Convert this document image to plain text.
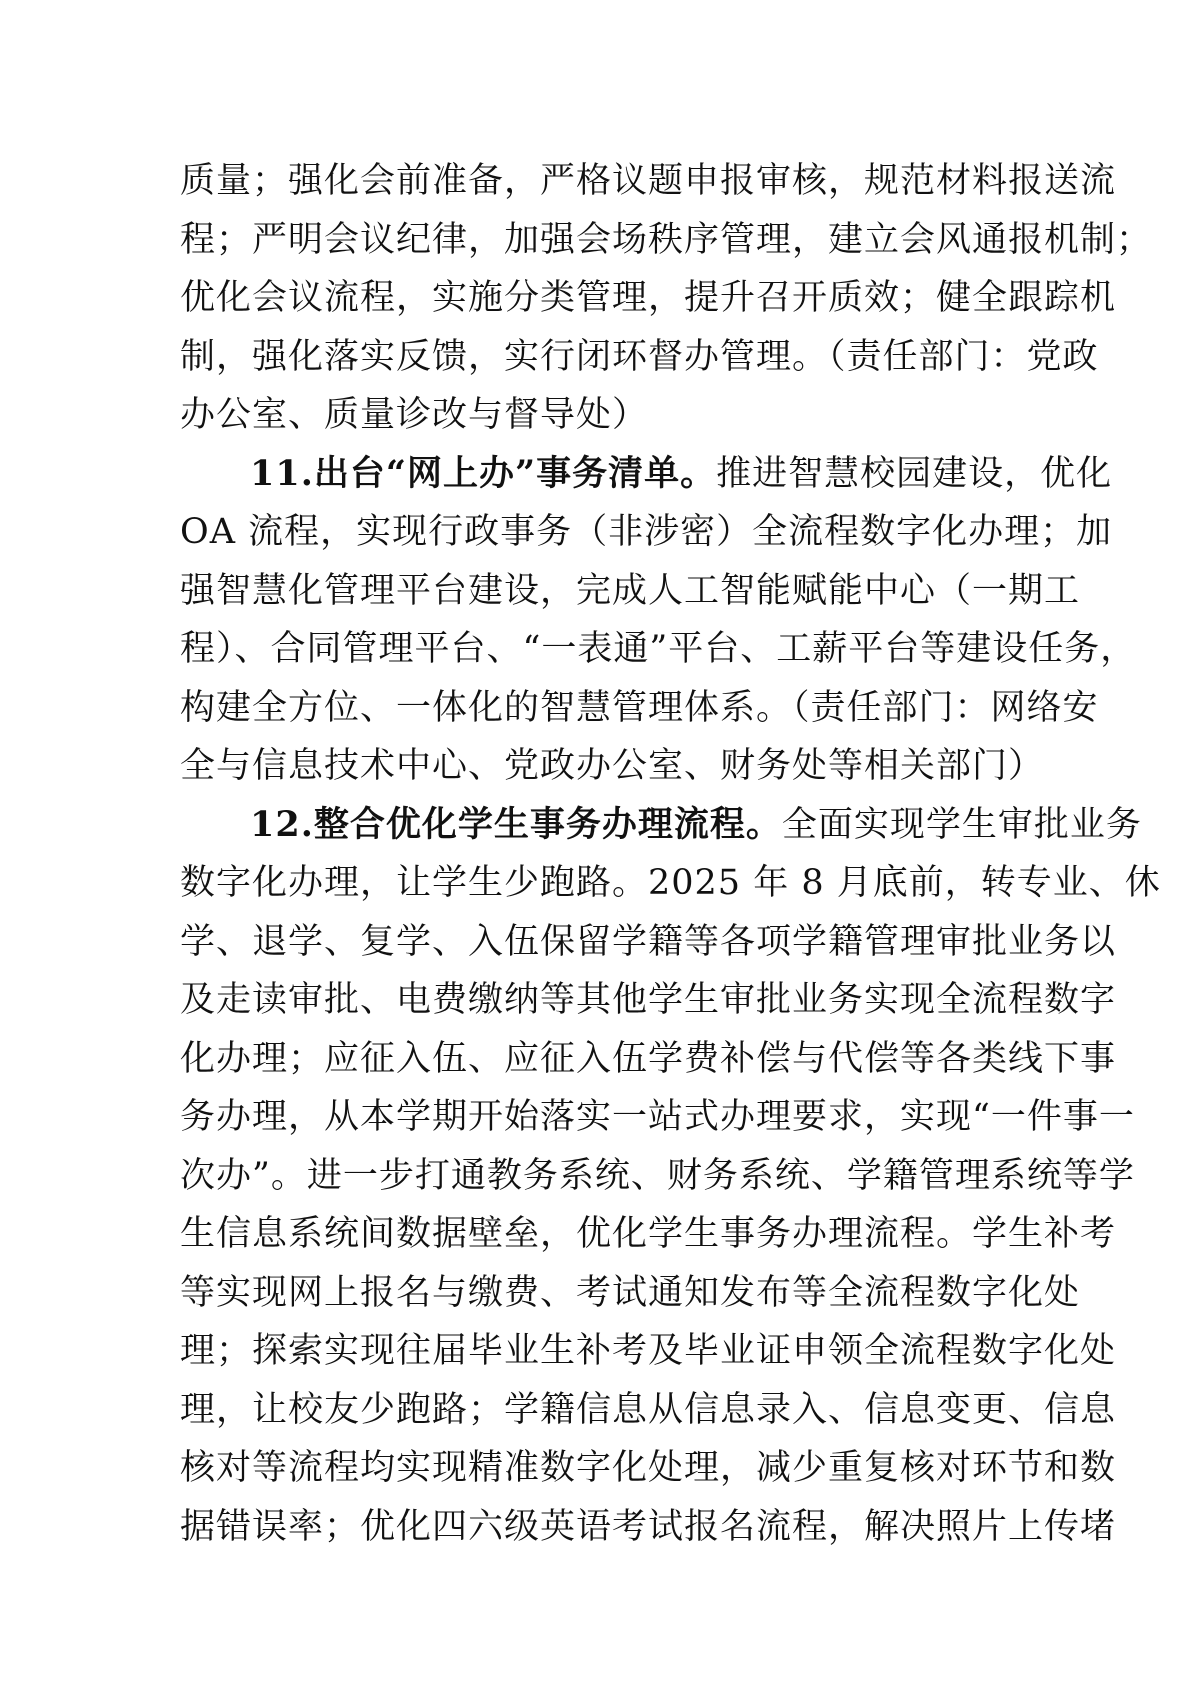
质量；强化会前准备，严格议题申报审核，规范材料报送流
程；严明会议纪律，加强会场秩序管理，建立会风通报机制；
优化会议流程，实施分类管理，提升召开质效；健全跟踪机
制，强化落实反馈，实行闭环督办管理。（责任部门：党政
办公室、质量诊改与督导处）
11.出台“网上办”事务清单。推进智慧校园建设，优化
OA 流程，实现行政事务（非涉密）全流程数字化办理；加
强智慧化管理平台建设，完成人工智能赋能中心（一期工
程）、合同管理平台、“一表通”平台、工薪平台等建设任务，
构建全方位、一体化的智慧管理体系。（责任部门：网络安
全与信息技术中心、党政办公室、财务处等相关部门）
12.整合优化学生事务办理流程。全面实现学生审批业务
数字化办理，让学生少跑路。2025 年 8 月底前，转专业、休
学、退学、复学、入伍保留学籍等各项学籍管理审批业务以
及走读审批、电费缴纳等其他学生审批业务实现全流程数字
化办理；应征入伍、应征入伍学费补偿与代偿等各类线下事
务办理，从本学期开始落实一站式办理要求，实现“一件事一
次办”。进一步打通教务系统、财务系统、学籍管理系统等学
生信息系统间数据壁垒，优化学生事务办理流程。学生补考
等实现网上报名与缴费、考试通知发布等全流程数字化处
理；探索实现往届毕业生补考及毕业证申领全流程数字化处
理，让校友少跑路；学籍信息从信息录入、信息变更、信息
核对等流程均实现精准数字化处理，减少重复核对环节和数
据错误率；优化四六级英语考试报名流程，解决照片上传堵
